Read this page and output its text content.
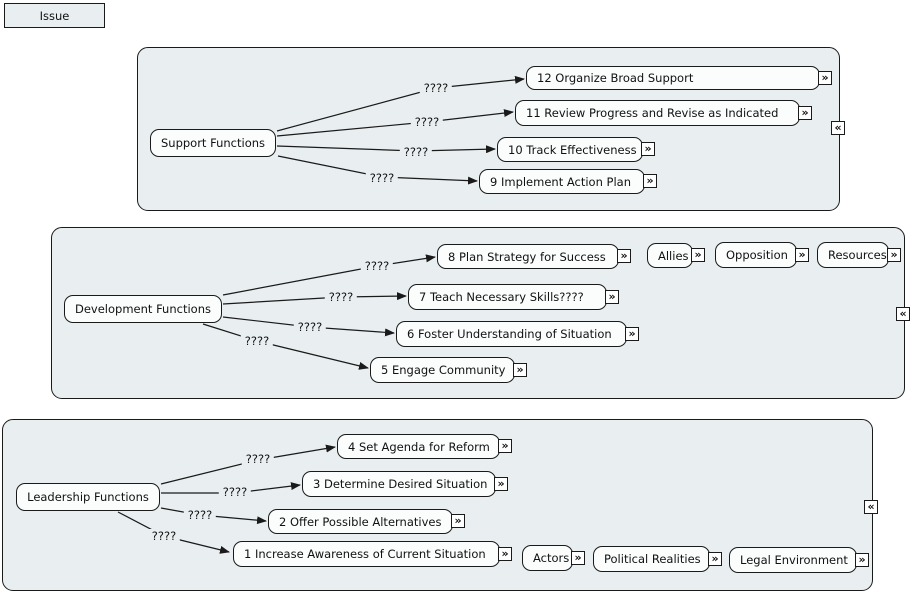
Issue
????
????
????
????
????
????
????
????
????
????
????
????
Support Functions
12 Organize Broad Support
11 Review Progress and Revise as Indicated
10 Track Effectiveness
9 Implement Action Plan
»
»
»
»
«
Development Functions
8 Plan Strategy for Success
7 Teach Necessary Skills????
6 Foster Understanding of Situation
5 Engage Community
Allies	Opposition	Resources
»	»	»	»
»
»
»
«
Leadership Functions
4 Set Agenda for Reform
3 Determine Desired Situation
2 Offer Possible Alternatives
1 Increase Awareness of Current Situation	Actors	Political Realities	Legal Environment
»
»
»
»	»	»	»
«
